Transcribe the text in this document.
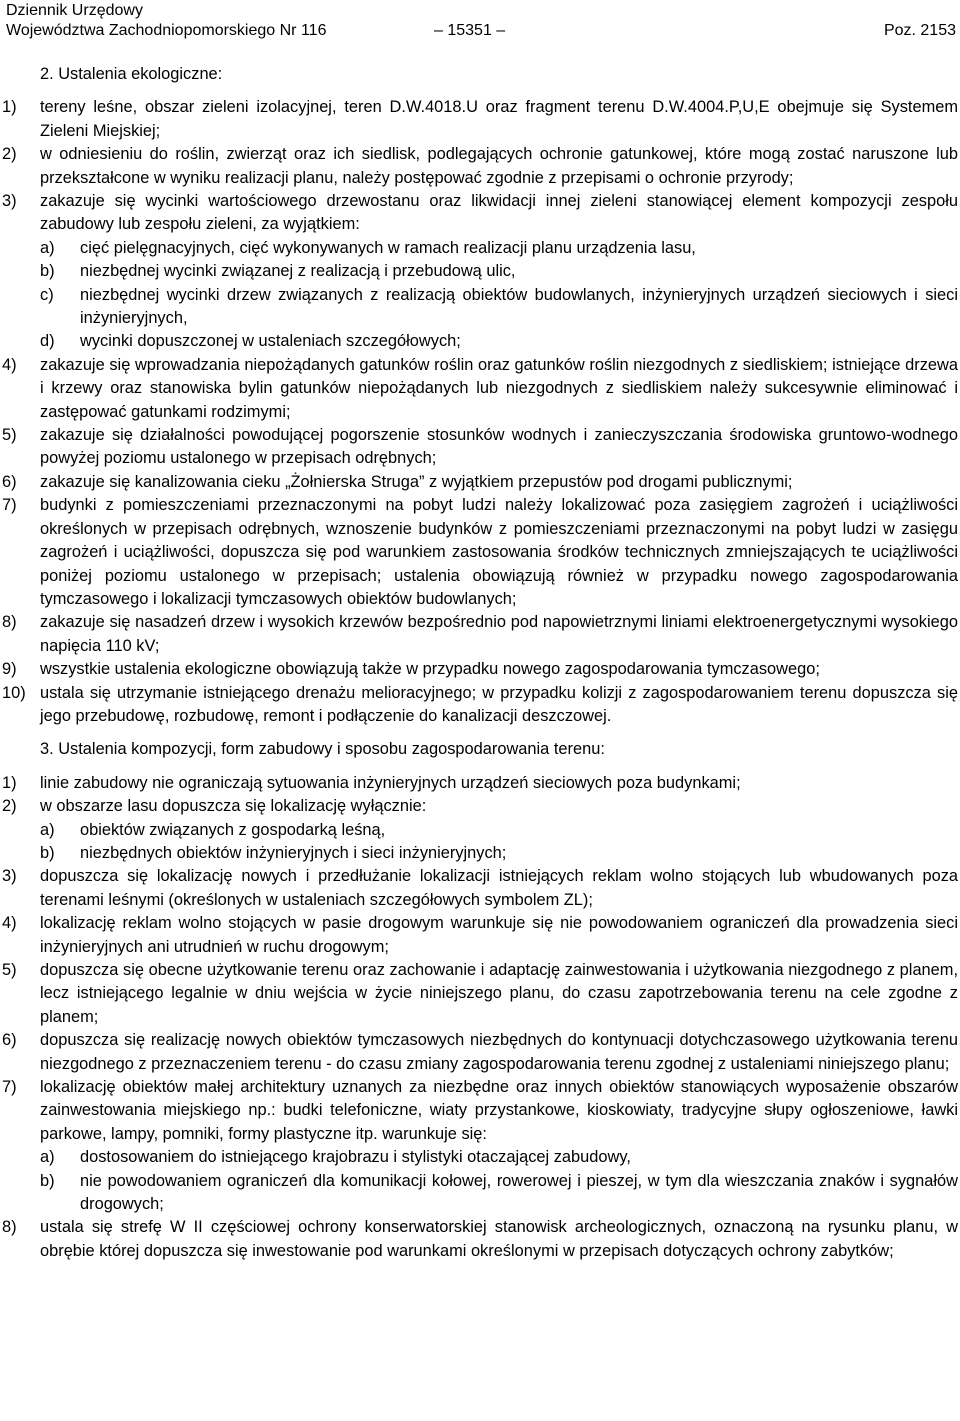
Dziennik Urzędowy
Województwa Zachodniopomorskiego Nr 116	– 15351 –	Poz. 2153
2. Ustalenia ekologiczne:
1) tereny leśne, obszar zieleni izolacyjnej, teren D.W.4018.U oraz fragment terenu D.W.4004.P,U,E obejmuje się Systemem Zieleni Miejskiej;
2) w odniesieniu do roślin, zwierząt oraz ich siedlisk, podlegających ochronie gatunkowej, które mogą zostać naruszone lub przekształcone w wyniku realizacji planu, należy postępować zgodnie z przepisami o ochronie przyrody;
3) zakazuje się wycinki wartościowego drzewostanu oraz likwidacji innej zieleni stanowiącej element kompozycji zespołu zabudowy lub zespołu zieleni, za wyjątkiem:
a) cięć pielęgnacyjnych, cięć wykonywanych w ramach realizacji planu urządzenia lasu,
b) niezbędnej wycinki związanej z realizacją i przebudową ulic,
c) niezbędnej wycinki drzew związanych z realizacją obiektów budowlanych, inżynieryjnych urządzeń sieciowych i sieci inżynieryjnych,
d) wycinki dopuszczonej w ustaleniach szczegółowych;
4) zakazuje się wprowadzania niepożądanych gatunków roślin oraz gatunków roślin niezgodnych z siedliskiem; istniejące drzewa i krzewy oraz stanowiska bylin gatunków niepożądanych lub niezgodnych z siedliskiem należy sukcesywnie eliminować i zastępować gatunkami rodzimymi;
5) zakazuje się działalności powodującej pogorszenie stosunków wodnych i zanieczyszczania środowiska gruntowo-wodnego powyżej poziomu ustalonego w przepisach odrębnych;
6) zakazuje się kanalizowania cieku „Żołnierska Struga” z wyjątkiem przepustów pod drogami publicznymi;
7) budynki z pomieszczeniami przeznaczonymi na pobyt ludzi należy lokalizować poza zasięgiem zagrożeń i uciążliwości określonych w przepisach odrębnych, wznoszenie budynków z pomieszczeniami przeznaczonymi na pobyt ludzi w zasięgu zagrożeń i uciążliwości, dopuszcza się pod warunkiem zastosowania środków technicznych zmniejszających te uciążliwości poniżej poziomu ustalonego w przepisach; ustalenia obowiązują również w przypadku nowego zagospodarowania tymczasowego i lokalizacji tymczasowych obiektów budowlanych;
8) zakazuje się nasadzeń drzew i wysokich krzewów bezpośrednio pod napowietrznymi liniami elektroenergetycznymi wysokiego napięcia 110 kV;
9) wszystkie ustalenia ekologiczne obowiązują także w przypadku nowego zagospodarowania tymczasowego;
10) ustala się utrzymanie istniejącego drenażu melioracyjnego; w przypadku kolizji z zagospodarowaniem terenu dopuszcza się jego przebudowę, rozbudowę, remont i podłączenie do kanalizacji deszczowej.
3. Ustalenia kompozycji, form zabudowy i sposobu zagospodarowania terenu:
1) linie zabudowy nie ograniczają sytuowania inżynieryjnych urządzeń sieciowych poza budynkami;
2) w obszarze lasu dopuszcza się lokalizację wyłącznie:
a) obiektów związanych z gospodarką leśną,
b) niezbędnych obiektów inżynieryjnych i sieci inżynieryjnych;
3) dopuszcza się lokalizację nowych i przedłużanie lokalizacji istniejących reklam wolno stojących lub wbudowanych poza terenami leśnymi (określonych w ustaleniach szczegółowych symbolem ZL);
4) lokalizację reklam wolno stojących w pasie drogowym warunkuje się nie powodowaniem ograniczeń dla prowadzenia sieci inżynieryjnych ani utrudnień w ruchu drogowym;
5) dopuszcza się obecne użytkowanie terenu oraz zachowanie i adaptację zainwestowania i użytkowania niezgodnego z planem, lecz istniejącego legalnie w dniu wejścia w życie niniejszego planu, do czasu zapotrzebowania terenu na cele zgodne z planem;
6) dopuszcza się realizację nowych obiektów tymczasowych niezbędnych do kontynuacji dotychczasowego użytkowania terenu niezgodnego z przeznaczeniem terenu - do czasu zmiany zagospodarowania terenu zgodnej z ustaleniami niniejszego planu;
7) lokalizację obiektów małej architektury uznanych za niezbędne oraz innych obiektów stanowiących wyposażenie obszarów zainwestowania miejskiego np.: budki telefoniczne, wiaty przystankowe, kioskowiaty, tradycyjne słupy ogłoszeniowe, ławki parkowe, lampy, pomniki, formy plastyczne itp. warunkuje się:
a) dostosowaniem do istniejącego krajobrazu i stylistyki otaczającej zabudowy,
b) nie powodowaniem ograniczeń dla komunikacji kołowej, rowerowej i pieszej, w tym dla wieszczania znaków i sygnałów drogowych;
8) ustala się strefę W II częściowej ochrony konserwatorskiej stanowisk archeologicznych, oznaczoną na rysunku planu, w obrębie której dopuszcza się inwestowanie pod warunkami określonymi w przepisach dotyczących ochrony zabytków;
